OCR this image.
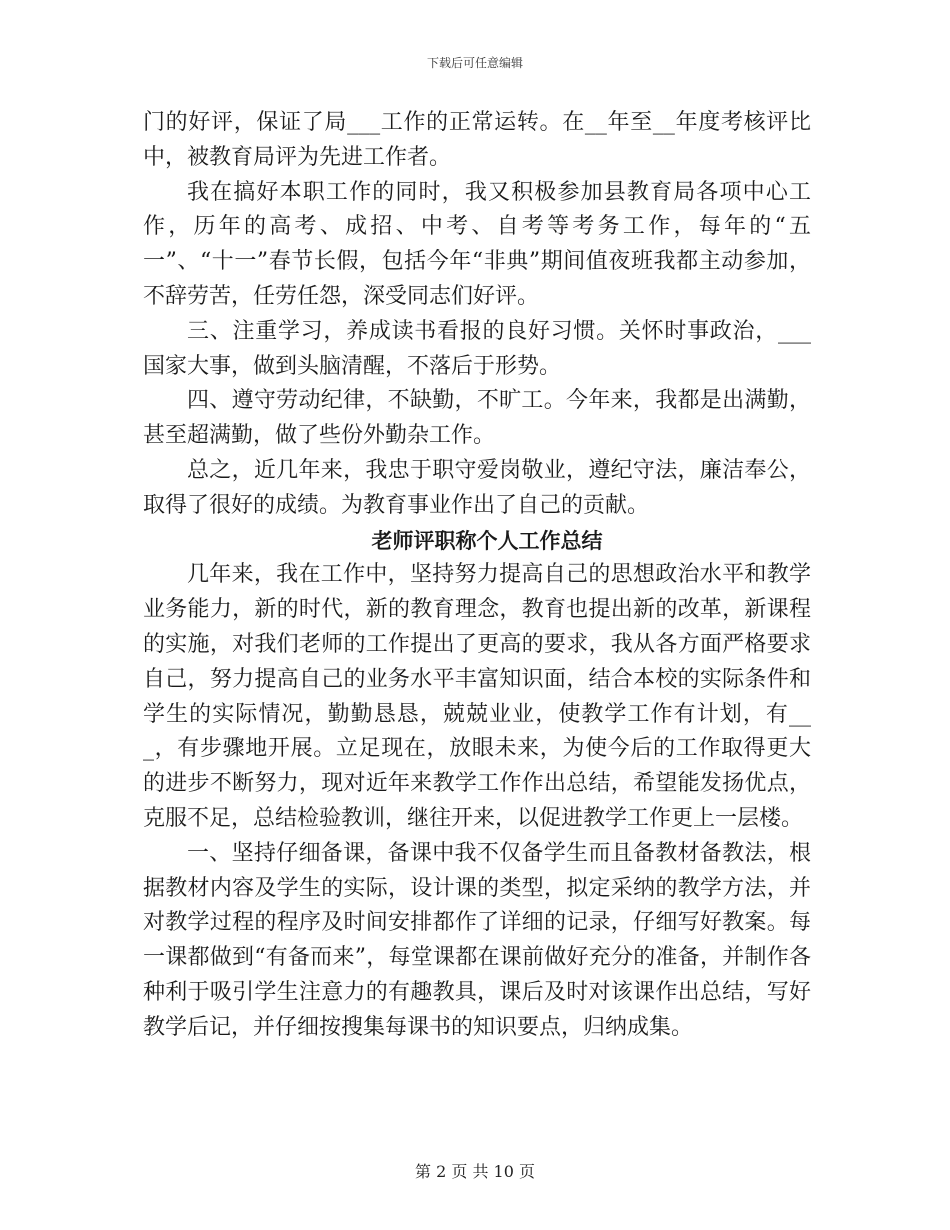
下载后可任意编辑

门的好评，保证了局___工作的正常运转。在__年至__年度考核评比中，被教育局评为先进工作者。

我在搞好本职工作的同时，我又积极参加县教育局各项中心工作，历年的高考、成招、中考、自考等考务工作，每年的“五一”、“十一”春节长假，包括今年“非典”期间值夜班我都主动参加，不辞劳苦，任劳任怨，深受同志们好评。

三、注重学习，养成读书看报的良好习惯。关怀时事政治，___国家大事，做到头脑清醒，不落后于形势。

四、遵守劳动纪律，不缺勤，不旷工。今年来，我都是出满勤，甚至超满勤，做了些份外勤杂工作。

总之，近几年来，我忠于职守爱岗敬业，遵纪守法，廉洁奉公，取得了很好的成绩。为教育事业作出了自己的贡献。

老师评职称个人工作总结

几年来，我在工作中，坚持努力提高自己的思想政治水平和教学业务能力，新的时代，新的教育理念，教育也提出新的改革，新课程的实施，对我们老师的工作提出了更高的要求，我从各方面严格要求自己，努力提高自己的业务水平丰富知识面，结合本校的实际条件和学生的实际情况，勤勤恳恳，兢兢业业，使教学工作有计划，有___，有步骤地开展。立足现在，放眼未来，为使今后的工作取得更大的进步不断努力，现对近年来教学工作作出总结，希望能发扬优点，克服不足，总结检验教训，继往开来，以促进教学工作更上一层楼。

一、坚持仔细备课，备课中我不仅备学生而且备教材备教法，根据教材内容及学生的实际，设计课的类型，拟定采纳的教学方法，并对教学过程的程序及时间安排都作了详细的记录，仔细写好教案。每一课都做到“有备而来”，每堂课都在课前做好充分的准备，并制作各种利于吸引学生注意力的有趣教具，课后及时对该课作出总结，写好教学后记，并仔细按搜集每课书的知识要点，归纳成集。

第 2 页 共 10 页
